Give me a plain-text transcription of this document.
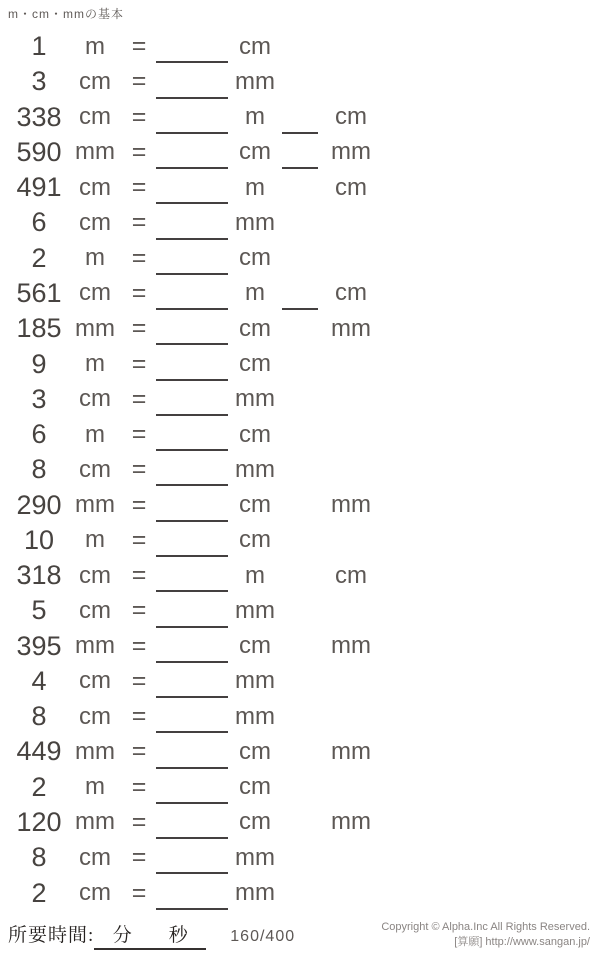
m・cm・mmの基本
1	m	=	cm
3	cm =	mm
338 cm =	m	cm
590 mm =	cm	mm
491 cm =	m	cm
6	cm =	mm
2	m	=	cm
561 cm =	m	cm
185 mm =	cm	mm
9	m	=	cm
3	cm =	mm
6	m	=	cm
8	cm =	mm
290 mm =	cm	mm
10	m	=	cm
318 cm =	m	cm
5	cm =	mm
395 mm =	cm	mm
4	cm =	mm
8	cm =	mm
449 mm =	cm	mm
2	m	=	cm
120 mm =	cm	mm
8	cm =	mm
2	cm =	mm
所要時間: 分 秒	160/400
Copyright © Alpha.Inc All Rights Reserved.
[算願] http://www.sangan.jp/
